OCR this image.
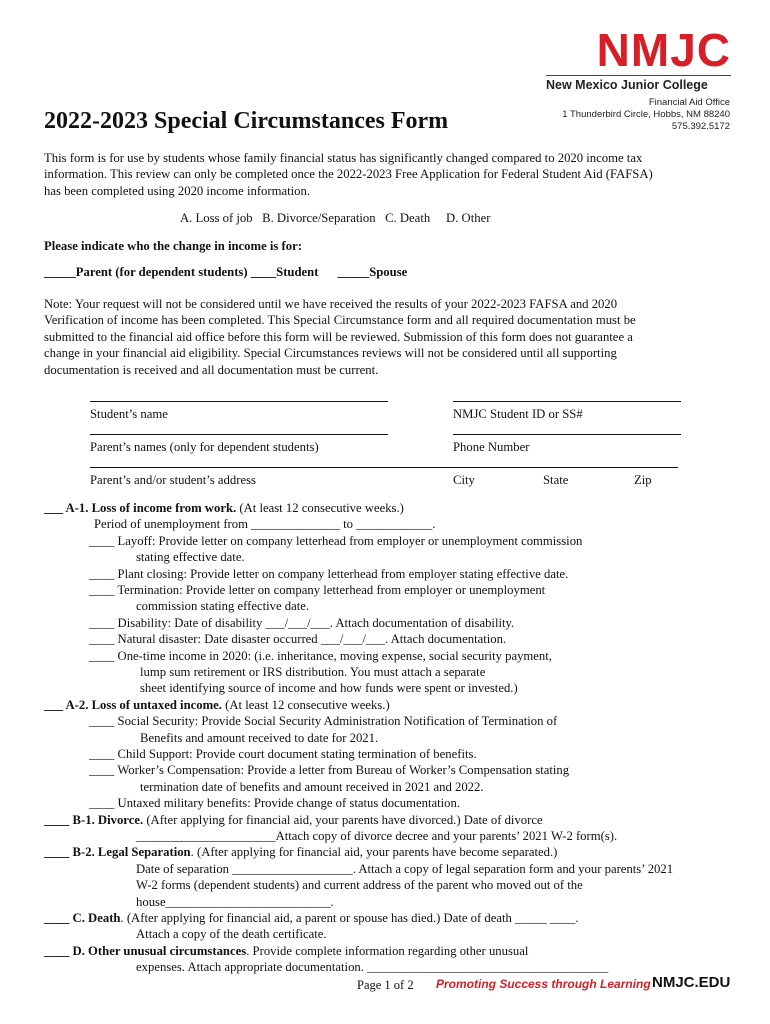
NMJC
New Mexico Junior College
Financial Aid Office
1 Thunderbird Circle, Hobbs, NM 88240
575.392.5172
2022-2023 Special Circumstances Form
This form is for use by students whose family financial status has significantly changed compared to 2020 income tax
information. This review can only be completed once the 2022-2023 Free Application for Federal Student Aid (FAFSA)
has been completed using 2020 income information.
A. Loss of job   B. Divorce/Separation   C. Death     D. Other
Please indicate who the change in income is for:
_____Parent (for dependent students) ____Student      _____Spouse
Note: Your request will not be considered until we have received the results of your 2022-2023 FAFSA and 2020
Verification of income has been completed. This Special Circumstance form and all required documentation must be
submitted to the financial aid office before this form will be reviewed. Submission of this form does not guarantee a
change in your financial aid eligibility. Special Circumstances reviews will not be considered until all supporting
documentation is received and all documentation must be current.
Student’s name	NMJC Student ID or SS#
Parent’s names (only for dependent students)	Phone Number
Parent’s and/or student’s address	City	State	Zip
___ A-1. Loss of income from work. (At least 12 consecutive weeks.)
Period of unemployment from ______________ to ____________.
____ Layoff: Provide letter on company letterhead from employer or unemployment commission
stating effective date.
____ Plant closing: Provide letter on company letterhead from employer stating effective date.
____ Termination: Provide letter on company letterhead from employer or unemployment
commission stating effective date.
____ Disability: Date of disability ___/___/___. Attach documentation of disability.
____ Natural disaster: Date disaster occurred ___/___/___. Attach documentation.
____ One-time income in 2020: (i.e. inheritance, moving expense, social security payment,
lump sum retirement or IRS distribution. You must attach a separate
sheet identifying source of income and how funds were spent or invested.)
___ A-2. Loss of untaxed income. (At least 12 consecutive weeks.)
____ Social Security: Provide Social Security Administration Notification of Termination of
Benefits and amount received to date for 2021.
____ Child Support: Provide court document stating termination of benefits.
____ Worker’s Compensation: Provide a letter from Bureau of Worker’s Compensation stating
termination date of benefits and amount received in 2021 and 2022.
____ Untaxed military benefits: Provide change of status documentation.
____ B-1. Divorce. (After applying for financial aid, your parents have divorced.) Date of divorce
______________________Attach copy of divorce decree and your parents’ 2021 W-2 form(s).
____ B-2. Legal Separation. (After applying for financial aid, your parents have become separated.)
Date of separation ___________________. Attach a copy of legal separation form and your parents’ 2021
W-2 forms (dependent students) and current address of the parent who moved out of the
house__________________________.
____ C. Death. (After applying for financial aid, a parent or spouse has died.) Date of death _____ ____.
Attach a copy of the death certificate.
____ D. Other unusual circumstances. Provide complete information regarding other unusual
expenses. Attach appropriate documentation. ______________________________________
Page 1 of 2 Promoting Success through Learning NMJC.EDU
